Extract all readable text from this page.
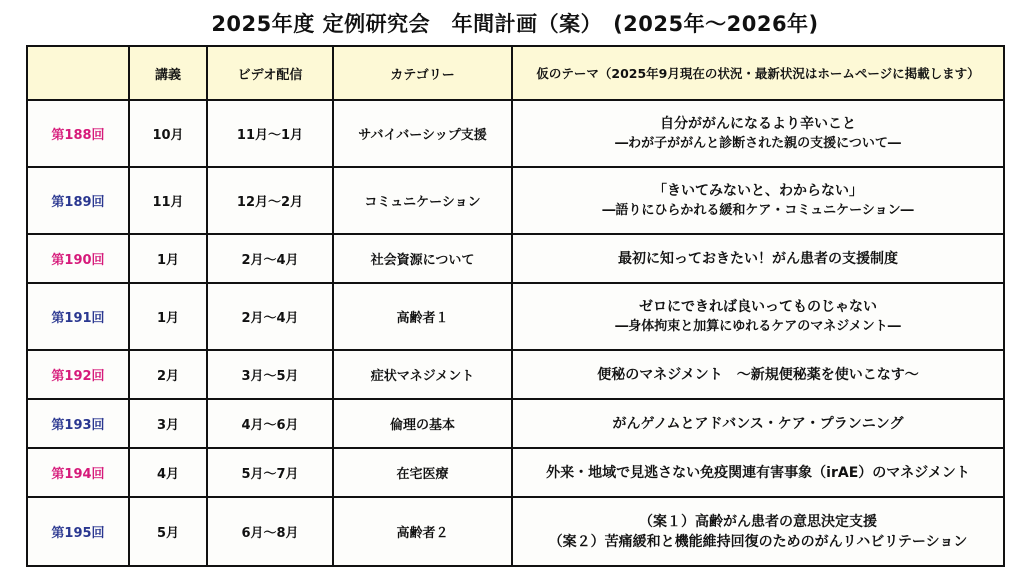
2025年度 定例研究会　年間計画（案）　(2025年～2026年)
	講義	ビデオ配信	カテゴリー	仮のテーマ（2025年9月現在の状況・最新状況はホームページに掲載します）
第188回	10月	11月～1月	サバイバーシップ支援	自分ががんになるより辛いこと
―わが子ががんと診断された親の支援について―

第189回	11月	12月～2月	コミュニケーション	「きいてみないと、わからない」
―語りにひらかれる緩和ケア・コミュニケーション―

第190回	1月	2月～4月	社会資源について	最初に知っておきたい！がん患者の支援制度

第191回	1月	2月～4月	高齢者１	ゼロにできれば良いってものじゃない
―身体拘束と加算にゆれるケアのマネジメント―

第192回	2月	3月～5月	症状マネジメント	便秘のマネジメント　～新規便秘薬を使いこなす～

第193回	3月	4月～6月	倫理の基本	がんゲノムとアドバンス・ケア・プランニング

第194回	4月	5月～7月	在宅医療	外来・地域で見逃さない免疫関連有害事象（irAE）のマネジメント

第195回	5月	6月～8月	高齢者２	（案１）高齢がん患者の意思決定支援
（案２）苦痛緩和と機能維持回復のためのがんリハビリテーション
